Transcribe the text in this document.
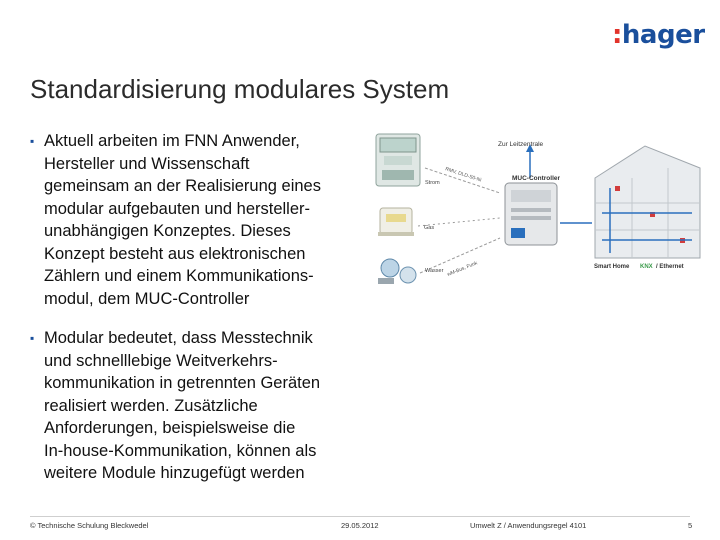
:hager
Standardisierung modulares System
▪ Aktuell arbeiten im FNN Anwender,
Hersteller und Wissenschaft
gemeinsam an der Realisierung eines
modular aufgebauten und hersteller-
unabhängigen Konzeptes. Dieses
Konzept besteht aus elektronischen
Zählern und einem Kommunikations-
modul, dem MUC-Controller
▪ Modular bedeutet, dass Messtechnik
und schnelllebige Weitverkehrs-
kommunikation in getrennten Geräten
realisiert werden. Zusätzliche
Anforderungen, beispielsweise die
In-house-Kommunikation, können als
weitere Module hinzugefügt werden
Zur Leitzentrale
MUC-Controller
Strom
Gas
Wasser
RMV, DLD-S0-Ni
wM-Bus, Funk	Smart Home KNX / Ethernet
© Technische Schulung Bleckwedel	29.05.2012	Umwelt Z / Anwendungsregel 4101	5
